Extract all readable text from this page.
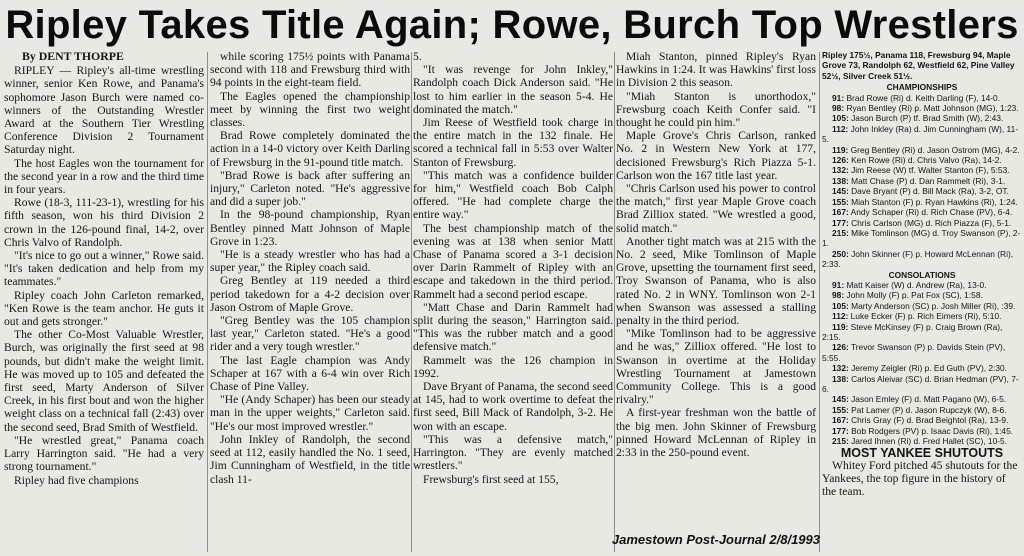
Ripley Takes Title Again; Rowe, Burch Top Wrestlers
By DENT THORPE

RIPLEY — Ripley's all-time wrestling winner, senior Ken Rowe, and Panama's sophomore Jason Burch were named co-winners of the Outstanding Wrestler Award at the Southern Tier Wrestling Conference Division 2 Tournament Saturday night.

The host Eagles won the tournament for the second year in a row and the third time in four years.

Rowe (18-3, 111-23-1), wrestling for his fifth season, won his third Division 2 crown in the 126-pound final, 14-2, over Chris Valvo of Randolph.

"It's nice to go out a winner," Rowe said. "It's taken dedication and help from my teammates."

Ripley coach John Carleton remarked, "Ken Rowe is the team anchor. He guts it out and gets stronger."

The other Co-Most Valuable Wrestler, Burch, was originally the first seed at 98 pounds, but didn't make the weight limit. He was moved up to 105 and defeated the first seed, Marty Anderson of Silver Creek, in his first bout and won the higher weight class on a technical fall (2:43) over the second seed, Brad Smith of Westfield.

"He wrestled great," Panama coach Larry Harrington said. "He had a very strong tournament."

Ripley had five champions

while scoring 175½ points with Panama second with 118 and Frewsburg third with 94 points in the eight-team field.

The Eagles opened the championship meet by winning the first two weight classes.

Brad Rowe completely dominated the action in a 14-0 victory over Keith Darling of Frewsburg in the 91-pound title match.

"Brad Rowe is back after suffering an injury," Carleton noted. "He's aggressive and did a super job."

In the 98-pound championship, Ryan Bentley pinned Matt Johnson of Maple Grove in 1:23.

"He is a steady wrestler who has had a super year," the Ripley coach said.

Greg Bentley at 119 needed a third period takedown for a 4-2 decision over Jason Ostrom of Maple Grove.

"Greg Bentley was the 105 champion last year," Carleton stated. "He's a good rider and a very tough wrestler."

The last Eagle champion was Andy Schaper at 167 with a 6-4 win over Rich Chase of Pine Valley.

"He (Andy Schaper) has been our steady man in the upper weights," Carleton said. "He's our most improved wrestler."

John Inkley of Randolph, the second seed at 112, easily handled the No. 1 seed, Jim Cunningham of Westfield, in the title clash 11-

5.

"It was revenge for John Inkley," Randolph coach Dick Anderson said. "He lost to him earlier in the season 5-4. He dominated the match."

Jim Reese of Westfield took charge in the entire match in the 132 finale. He scored a technical fall in 5:53 over Walter Stanton of Frewsburg.

"This match was a confidence builder for him," Westfield coach Bob Calph offered. "He had complete charge the entire way."

The best championship match of the evening was at 138 when senior Matt Chase of Panama scored a 3-1 decision over Darin Rammelt of Ripley with an escape and takedown in the third period. Rammelt had a second period escape.

"Matt Chase and Darin Rammelt had split during the season," Harrington said. "This was the rubber match and a good defensive match."

Rammelt was the 126 champion in 1992.

Dave Bryant of Panama, the second seed at 145, had to work overtime to defeat the first seed, Bill Mack of Randolph, 3-2. He won with an escape.

"This was a defensive match," Harrington. "They are evenly matched wrestlers."

Frewsburg's first seed at 155,

Miah Stanton, pinned Ripley's Ryan Hawkins in 1:24. It was Hawkins' first loss in Division 2 this season.

"Miah Stanton is unorthodox," Frewsburg coach Keith Confer said. "I thought he could pin him."

Maple Grove's Chris Carlson, ranked No. 2 in Western New York at 177, decisioned Frewsburg's Rich Piazza 5-1. Carlson won the 167 title last year.

"Chris Carlson used his power to control the match," first year Maple Grove coach Brad Zilliox stated. "We wrestled a good, solid match."

Another tight match was at 215 with the No. 2 seed, Mike Tomlinson of Maple Grove, upsetting the tournament first seed, Troy Swanson of Panama, who is also rated No. 2 in WNY. Tomlinson won 2-1 when Swanson was assessed a stalling penalty in the third period.

"Mike Tomlinson had to be aggressive and he was," Zilliox offered. "He lost to Swanson in overtime at the Holiday Wrestling Tournament at Jamestown Community College. This is a good rivalry."

A first-year freshman won the battle of the big men. John Skinner of Frewsburg pinned Howard McLennan of Ripley in 2:33 in the 250-pound event.

Ripley 175½, Panama 118, Frewsburg 94, Maple Grove 73, Randolph 62, Westfield 62, Pine Valley 52½, Silver Creek 51½.
CHAMPIONSHIPS

91: Brad Rowe (Ri) d. Keith Darling (F), 14-0.

98: Ryan Bentley (Ri) p. Matt Johnson (MG), 1:23.

105: Jason Burch (P) tf. Brad Smith (W), 2:43.

112: John Inkley (Ra) d. Jim Cunningham (W), 11-5.

119: Greg Bentley (Ri) d. Jason Ostrom (MG), 4-2.

126: Ken Rowe (Ri) d. Chris Valvo (Ra), 14-2.

132: Jim Reese (W) tf. Walter Stanton (F), 5:53.

138: Matt Chase (P) d. Dan Rammelt (Ri), 3-1.

145: Dave Bryant (P) d. Bill Mack (Ra), 3-2, OT.

155: Miah Stanton (F) p. Ryan Hawkins (Ri), 1:24.

167: Andy Schaper (Ri) d. Rich Chase (PV), 6-4.

177: Chris Carlson (MG) d. Rich Piazza (F), 5-1.

215: Mike Tomlinson (MG) d. Troy Swanson (P), 2-1.

250: John Skinner (F) p. Howard McLennan (Ri), 2:33.

CONSOLATIONS

91: Matt Kaiser (W) d. Andrew (Ra), 13-0.

98: John Molly (F) p. Pat Fox (SC), 1:58.

105: Marty Anderson (SC) p. Josh Miller (Ri), :39.

112: Luke Ecker (F) p. Rich Eimers (Ri), 5:10.

119: Steve McKinsey (F) p. Craig Brown (Ra), 2:15.

126: Trevor Swanson (P) p. Davids Stein (PV), 5:55.

132: Jeremy Zeigler (Ri) p. Ed Guth (PV), 2:30.

138: Carlos Aleivar (SC) d. Brian Hedman (PV), 7-6.

145: Jason Emley (F) d. Matt Pagano (W), 6-5.

155: Pat Lamer (P) d. Jason Rupczyk (W), 8-6.

167: Chris Gray (F) d. Brad Beightol (Ra), 13-9.

177: Bob Rodgers (PV) p. Isaac Davis (Ri), 1:45.

215: Jared Ihnen (Ri) d. Fred Hallet (SC), 10-5.

MOST YANKEE SHUTOUTS

Whitey Ford pitched 45 shutouts for the Yankees, the top figure in the history of the team.

Jamestown Post-Journal 2/8/1993
